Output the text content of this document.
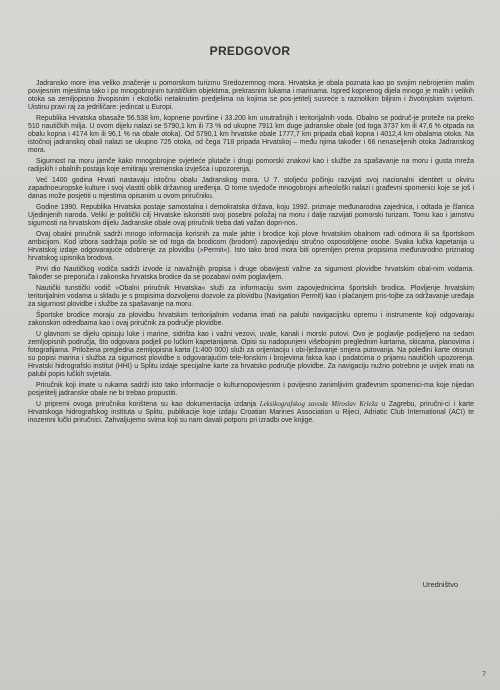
PREDGOVOR

Jadransko more ima veliko značenje u pomorskom turizmu Sredozemnog mora. Hrvatska je obala poznata kao po svojim nebrojenim malim povijesnim mjestima tako i po mnogobrojnim turističkim objektima, prekrasnim lukama i marinama. Ispred kopnenog dijela mnogo je malih i velikih otoka sa zemljopisno živopisnim i ekološki netaknutim predjelima na kojima se pos-jetitelj susreće s raznolikim biljnim i životinjskim svijetom. Uistinu pravi raj za jedriličare: jedincat u Europi.

Republika Hrvatska obasaže 56.538 km, kopnene površine i 33.200 km unutrašnjih i teritorijalnih voda. Obalno se područ-je proteže na preko 510 nautičkih milja. U ovom dijelu nalazi se 5790,1 km ili 73 % od ukupne 7911 km duge jadranske obale (od toga 3737 km ili 47,6 % otpada na obalu kopna i 4174 km ili 96,1 % na obale otoka). Od 5790,1 km hrvatske obale 1777,7 km pripada obali kopna i 4012,4 km obalama otoka. Na istočnoj jadranskoj obali nalazi se ukupno 725 otoka, od čega 718 pripada Hrvatskoj – među njima također i 66 nenaseljenih otoka Jadranskog mora.

Sigurnost na moru jamče kako mnogobrojne svjetleće plutače i drugi pomorski znakovi kao i službe za spašavanje na moru i gusta mreža radijskih i obalnih postaja koje emitiraju vremenska izvješća i upozorenja.

Već 1400 godina Hrvati nastavaju istočnu obalu Jadranskog mora. U 7. stoljeću počinju razvijati svoj nacionalni identitet u okviru zapadnoeuropske kulture i svoj vlastiti oblik državnog uređenja. O tome svjedoče mnogobrojni arheološki nalazi i građevni spomenici koje se još i danas može posjetiti u mjestima opisanim u ovom priručniku.

Godine 1990. Republika Hrvatska postaje samostalna i demokratska država, koju 1992. priznaje međunarodna zajednica, i odtada je članica Ujedinjenih naroda. Veliki je politički cilj Hrvatske iskoristiti svoj posebni položaj na moru i dalje razvijati pomorski turizam. Tomu kao i jamstvu sigurnosti na hrvatskom dijelu Jadranske obale ovaj priručnik treba dati važan dopri-nos.

Ovaj obalni priručnik sadrži mnogo informacija korisnih za male jahte i brodice koji plove hrvatskim obalnom radi odmora ili sa športskom ambicijom. Kod izbora sadržaja pošlo se od toga da brodicom (brodom) zapovijedaju stručno osposobljene osobe. Svaka lučka kapetanija u Hrvatskoj izdaje odgovarajuće odobrenje za plovidbu (»Permit«). Isto tako brod mora biti opremljen prema propisima međunarodno priznatog hrvatskog upisnika brodova.

Prvi dio Nautičkog vodiča sadrži izvode iz navažnijih propisa i druge obavijesti važne za sigurnost plovidbe hrvatskim obal-nim vodama. Također se preporuča i zakonska hrvatska brodice da se pozabavi ovim poglavljem.

Nautički turistički vodič »Obalni priručnik Hrvatska« služi za informaciju svim zapovjednicima športskih brodica. Plovljenje hrvatskim teritorijalnim vodama u skladu je s propisima dozvoljeno dozvole za plovidbu (Navigation Permit) kao i plaćanjem pris-tojbe za održavanje uređaja za sigurnost plovidbe i službe za spašavanje na moru.

Športske brodice moraju za plovidbu hrvatskim teritorijalnim vodama imati na palubi navigacijsku opremu i instrumente koji odgovaraju zakonskim odredbama kao i ovaj priručnik za područje plovidbe.

U glavnom se dijelu opisuju luke i marine, sidrišta kao i važni vezovi, uvale, kanali i morski putovi. Ovo je poglavlje podijeljeno na sedam zemljopisnih područja, što odgovara podjeli po lučkim kapetanijama. Opisi su nadopunjeni višebojnim preglednim kartama, skicama, planovima i fotografijama. Priložena pregledna zemljopisna karta (1:400 000) služi za orijentaciju i obi-lježavanje smjera putovanja. Na poleđini karte otisnuti su popisi marina i služba za sigurnost plovidbe s odgovarajućim tele-fonskim i brojevima faksa kao i podatcima o prijamu nautičkih upozorenja. Hrvatski hidrografski institut (HHI) u Splitu izdaje specijalne karte za hrvatsko područje plovidbe. Za navigaciju nužno potrebno je uvijek imati na palubi popis lučkih svjetala.

Priručnik koji imate u rukama sadrži isto tako informacije o kulturnopovijesnim i povijesno zanimljivim građevnim spomenici-ma koje nijedan posjetitelj jadranske obale ne bi trebao propustiti.

U pripremi ovoga priručnika korištena su kao dokumentacija izdanja Leksikografskog zavoda Miroslav Krleža u Zagrebu, priručni-ci i karte Hrvatskoga hidrografskog instituta u Splitu, publikacije koje izdaju Croatian Marines Association u Rijeci, Adriatic Club International (ACI) te inozemni lučki priručnici. Zahvaljujemo svima koji su nam davali potporu pri izradbi ove knjige.

Uredništvo
7
